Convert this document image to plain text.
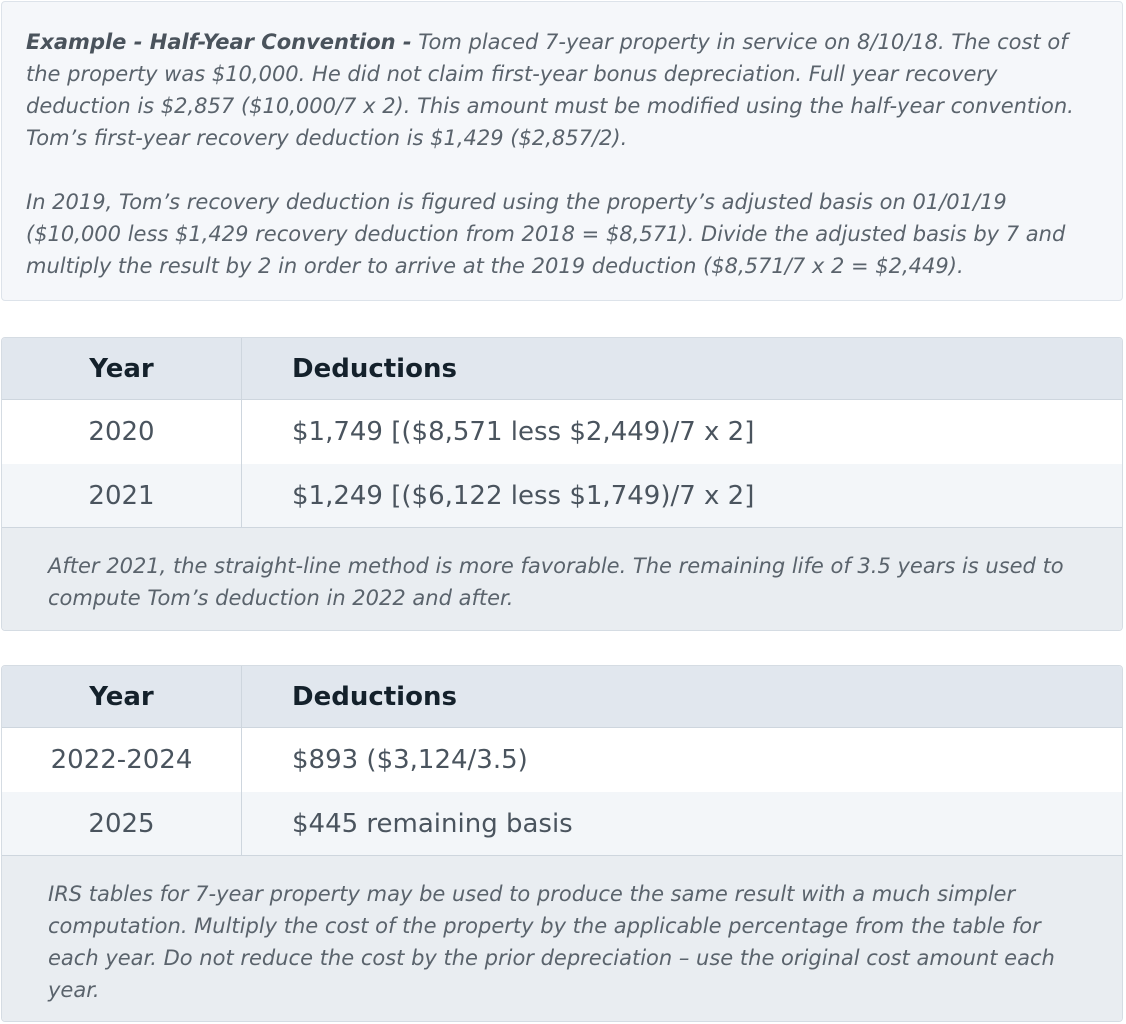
Example - Half-Year Convention - Tom placed 7-year property in service on 8/10/18. The cost of the property was $10,000. He did not claim first-year bonus depreciation. Full year recovery deduction is $2,857 ($10,000/7 x 2). This amount must be modified using the half-year convention. Tom’s first-year recovery deduction is $1,429 ($2,857/2).

In 2019, Tom’s recovery deduction is figured using the property’s adjusted basis on 01/01/19 ($10,000 less $1,429 recovery deduction from 2018 = $8,571). Divide the adjusted basis by 7 and multiply the result by 2 in order to arrive at the 2019 deduction ($8,571/7 x 2 = $2,449).

Year	Deductions
2020	$1,749 [($8,571 less $2,449)/7 x 2]
2021	$1,249 [($6,122 less $1,749)/7 x 2]
After 2021, the straight-line method is more favorable. The remaining life of 3.5 years is used to compute Tom’s deduction in 2022 and after.
Year	Deductions
2022-2024	$893 ($3,124/3.5)
2025	$445 remaining basis
IRS tables for 7-year property may be used to produce the same result with a much simpler computation. Multiply the cost of the property by the applicable percentage from the table for each year. Do not reduce the cost by the prior depreciation – use the original cost amount each year.
